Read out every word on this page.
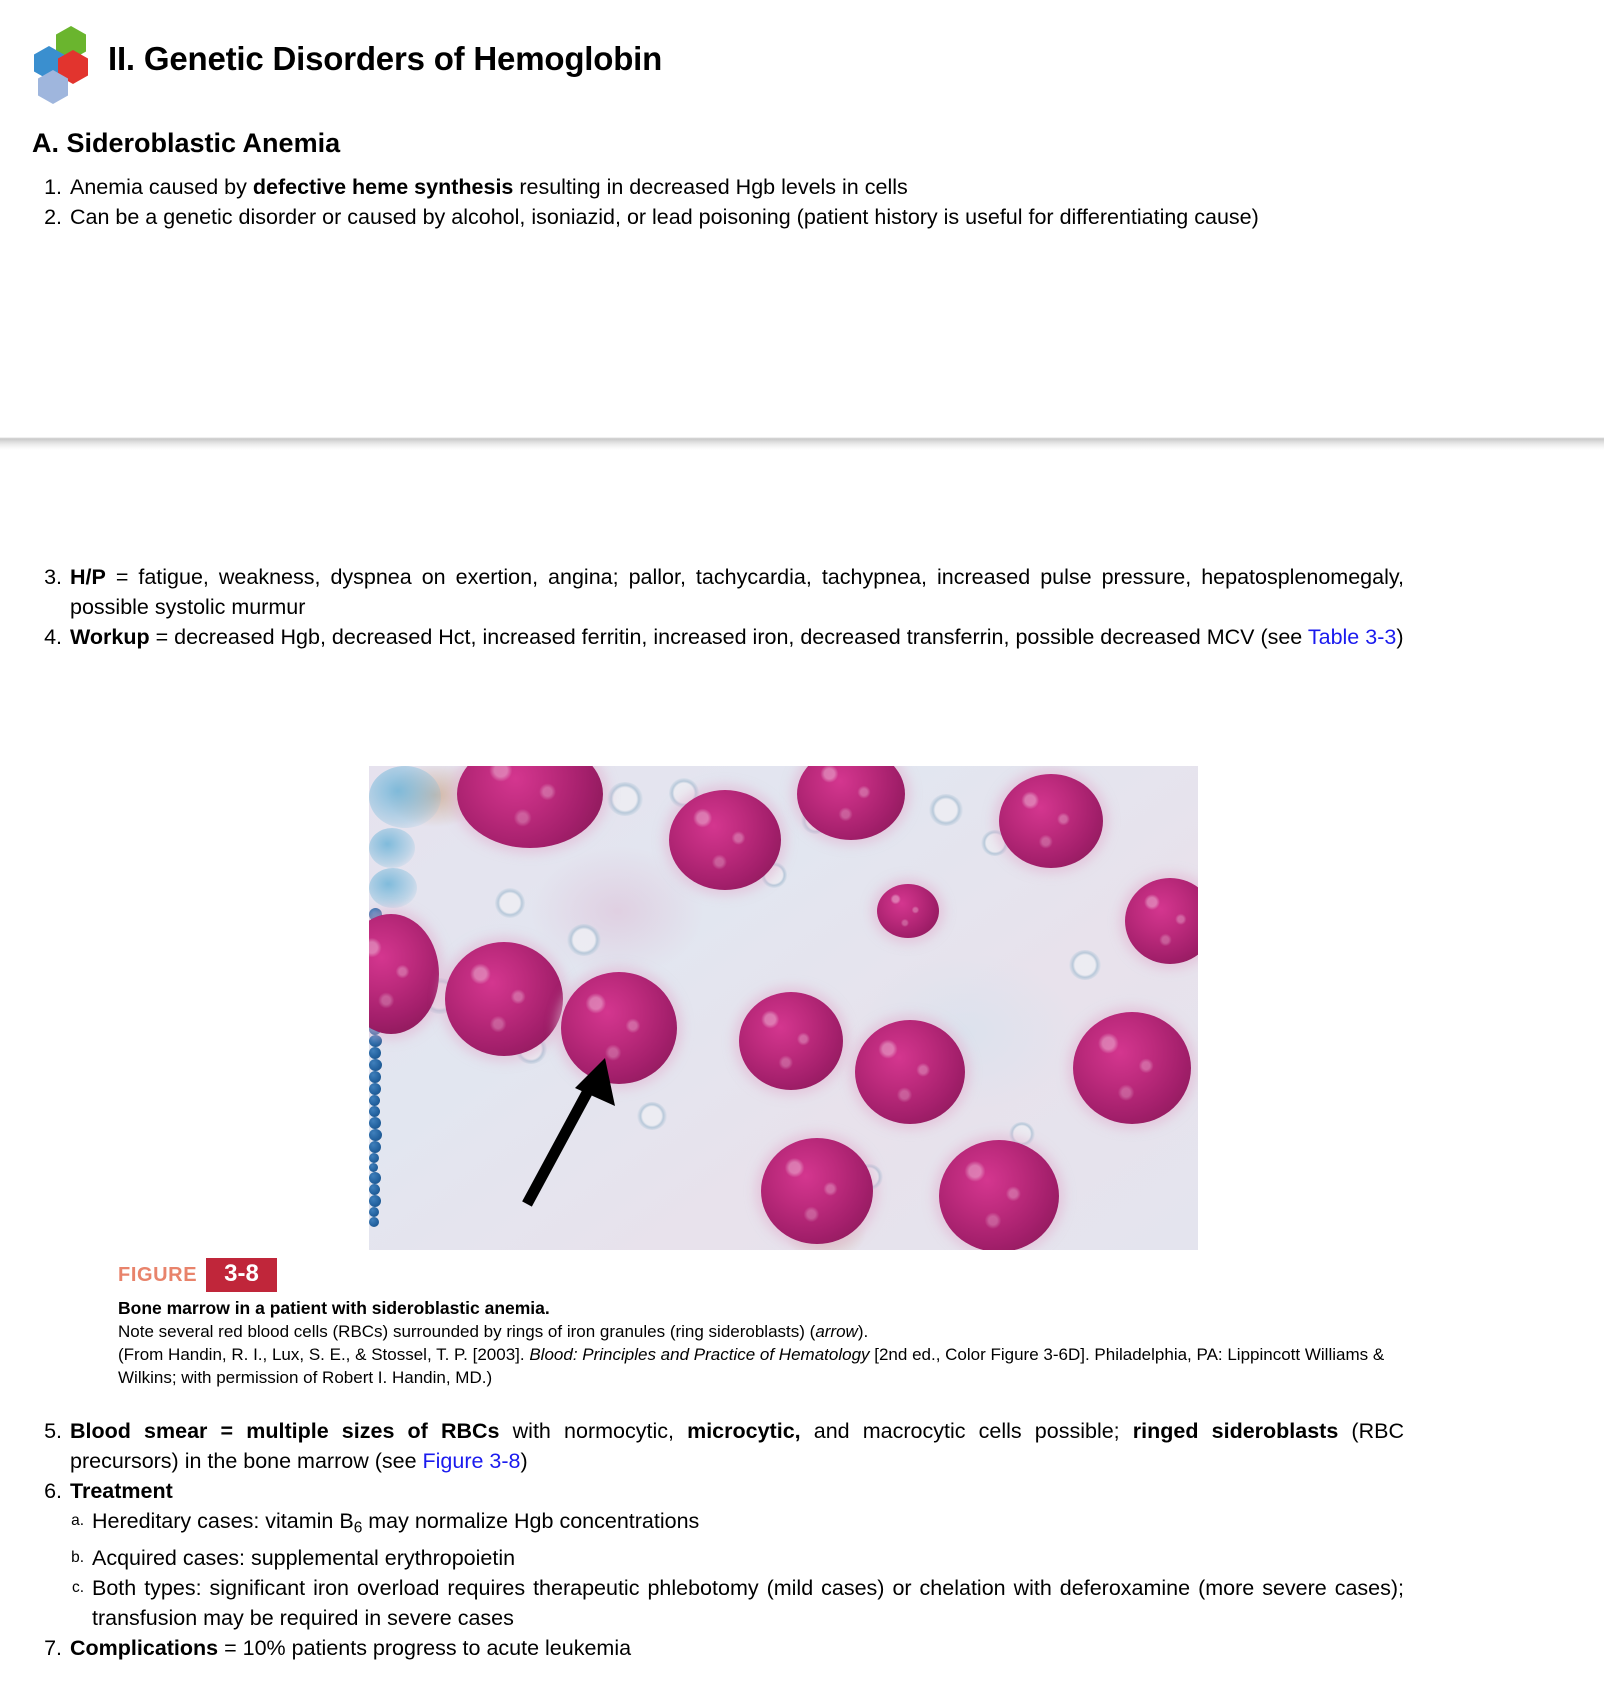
II. Genetic Disorders of Hemoglobin
A. Sideroblastic Anemia
1. Anemia caused by defective heme synthesis resulting in decreased Hgb levels in cells
2. Can be a genetic disorder or caused by alcohol, isoniazid, or lead poisoning (patient history is useful for differentiating cause)
3. H/P = fatigue, weakness, dyspnea on exertion, angina; pallor, tachycardia, tachypnea, increased pulse pressure, hepatosplenomegaly, possible systolic murmur
4. Workup = decreased Hgb, decreased Hct, increased ferritin, increased iron, decreased transferrin, possible decreased MCV (see Table 3-3)
FIGURE	3-8
Bone marrow in a patient with sideroblastic anemia.
Note several red blood cells (RBCs) surrounded by rings of iron granules (ring sideroblasts) (arrow).
(From Handin, R. I., Lux, S. E., & Stossel, T. P. [2003]. Blood: Principles and Practice of Hematology [2nd ed., Color Figure 3-6D]. Philadelphia, PA: Lippincott Williams & Wilkins; with permission of Robert I. Handin, MD.)
5. Blood smear = multiple sizes of RBCs with normocytic, microcytic, and macrocytic cells possible; ringed sideroblasts (RBC precursors) in the bone marrow (see Figure 3-8)
6. Treatment
a. Hereditary cases: vitamin $B_6$ may normalize Hgb concentrations
b. Acquired cases: supplemental erythropoietin
c. Both types: significant iron overload requires therapeutic phlebotomy (mild cases) or chelation with deferoxamine (more severe cases); transfusion may be required in severe cases
7. Complications = 10% patients progress to acute leukemia
